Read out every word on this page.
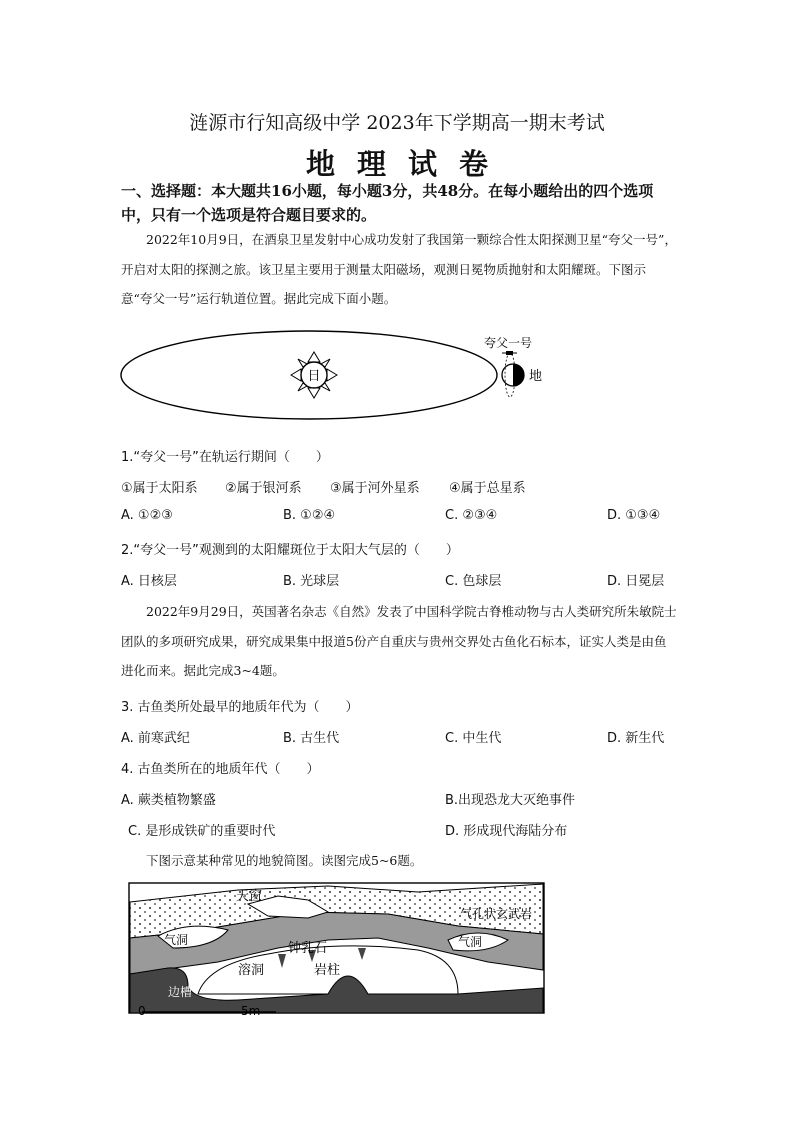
涟源市行知高级中学 2023年下学期高一期末考试
地理试卷
一、选择题：本大题共16小题，每小题3分，共48分。在每小题给出的四个选项中，只有一个选项是符合题目要求的。
2022年10月9日，在酒泉卫星发射中心成功发射了我国第一颗综合性太阳探测卫星“夸父一号”，开启对太阳的探测之旅。该卫星主要用于测量太阳磁场，观测日冕物质抛射和太阳耀斑。下图示意“夸父一号”运行轨道位置。据此完成下面小题。
日	地
夸父一号
1.“夸父一号”在轨运行期间（　　）
①属于太阳系 ②属于银河系 ③属于河外星系 ④属于总星系
A. ①②③	B. ①②④	C. ②③④	D. ①③④
2.“夸父一号”观测到的太阳耀斑位于太阳大气层的（　　）
A. 日核层	B. 光球层	C. 色球层	D. 日冕层
2022年9月29日，英国著名杂志《自然》发表了中国科学院古脊椎动物与古人类研究所朱敏院士团队的多项研究成果，研究成果集中报道5份产自重庆与贵州交界处古鱼化石标本，证实人类是由鱼进化而来。据此完成3~4题。
3. 古鱼类所处最早的地质年代为（　　）
A. 前寒武纪	B. 古生代	C. 中生代	D. 新生代
4. 古鱼类所在的地质年代（　　）
A. 蕨类植物繁盛	B.出现恐龙大灭绝事件
C. 是形成铁矿的重要时代	D. 形成现代海陆分布
下图示意某种常见的地貌简图。读图完成5~6题。
天窗
气洞
钟乳石	气洞
气孔状玄武岩
溶洞	岩柱
边槽
0	5m
